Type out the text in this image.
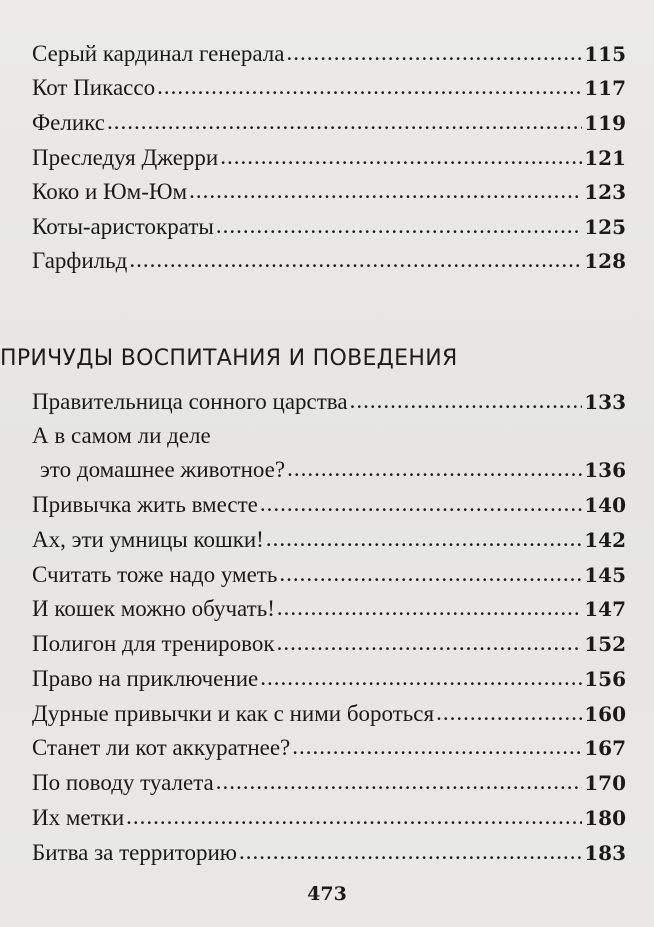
Серый кардинал генерала .....	115
Кот Пикассо .....	117
Феликс .....	119
Преследуя Джерри .....	121
Коко и Юм-Юм .....	123
Коты-аристократы .....	125
Гарфильд .....	128
ПРИЧУДЫ ВОСПИТАНИЯ И ПОВЕДЕНИЯ
Правительница сонного царства .....	133
А в самом ли деле
это домашнее животное? .....	136
Привычка жить вместе .....	140
Ах, эти умницы кошки! .....	142
Считать тоже надо уметь .....	145
И кошек можно обучать! .....	147
Полигон для тренировок .....	152
Право на приключение .....	156
Дурные привычки и как с ними бороться .....	160
Станет ли кот аккуратнее? .....	167
По поводу туалета .....	170
Их метки .....	180
Битва за территорию .....	183
473
